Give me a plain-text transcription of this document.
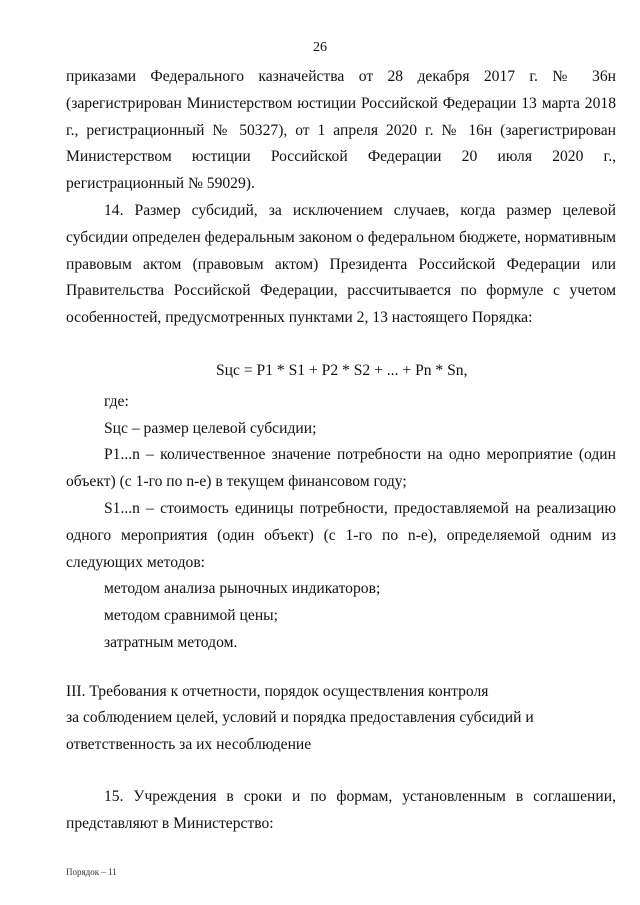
26

приказами Федерального казначейства от 28 декабря 2017 г. № 36н (зарегистрирован Министерством юстиции Российской Федерации 13 марта 2018 г., регистрационный № 50327), от 1 апреля 2020 г. № 16н (зарегистрирован Министерством юстиции Российской Федерации 20 июля 2020 г., регистрационный № 59029).

14. Размер субсидий, за исключением случаев, когда размер целевой субсидии определен федеральным законом о федеральном бюджете, нормативным правовым актом (правовым актом) Президента Российской Федерации или Правительства Российской Федерации, рассчитывается по формуле с учетом особенностей, предусмотренных пунктами 2, 13 настоящего Порядка:

Sцс = P1 * S1 + P2 * S2 + ... + Pn * Sn,

где:

Sцс – размер целевой субсидии;

P1...n – количественное значение потребности на одно мероприятие (один объект) (с 1-го по n-е) в текущем финансовом году;

S1...n – стоимость единицы потребности, предоставляемой на реализацию одного мероприятия (один объект) (с 1-го по n-е), определяемой одним из следующих методов:

методом анализа рыночных индикаторов;

методом сравнимой цены;

затратным методом.

III. Требования к отчетности, порядок осуществления контроля
за соблюдением целей, условий и порядка предоставления субсидий и
ответственность за их несоблюдение

15. Учреждения в сроки и по формам, установленным в соглашении, представляют в Министерство:

Порядок – 11
